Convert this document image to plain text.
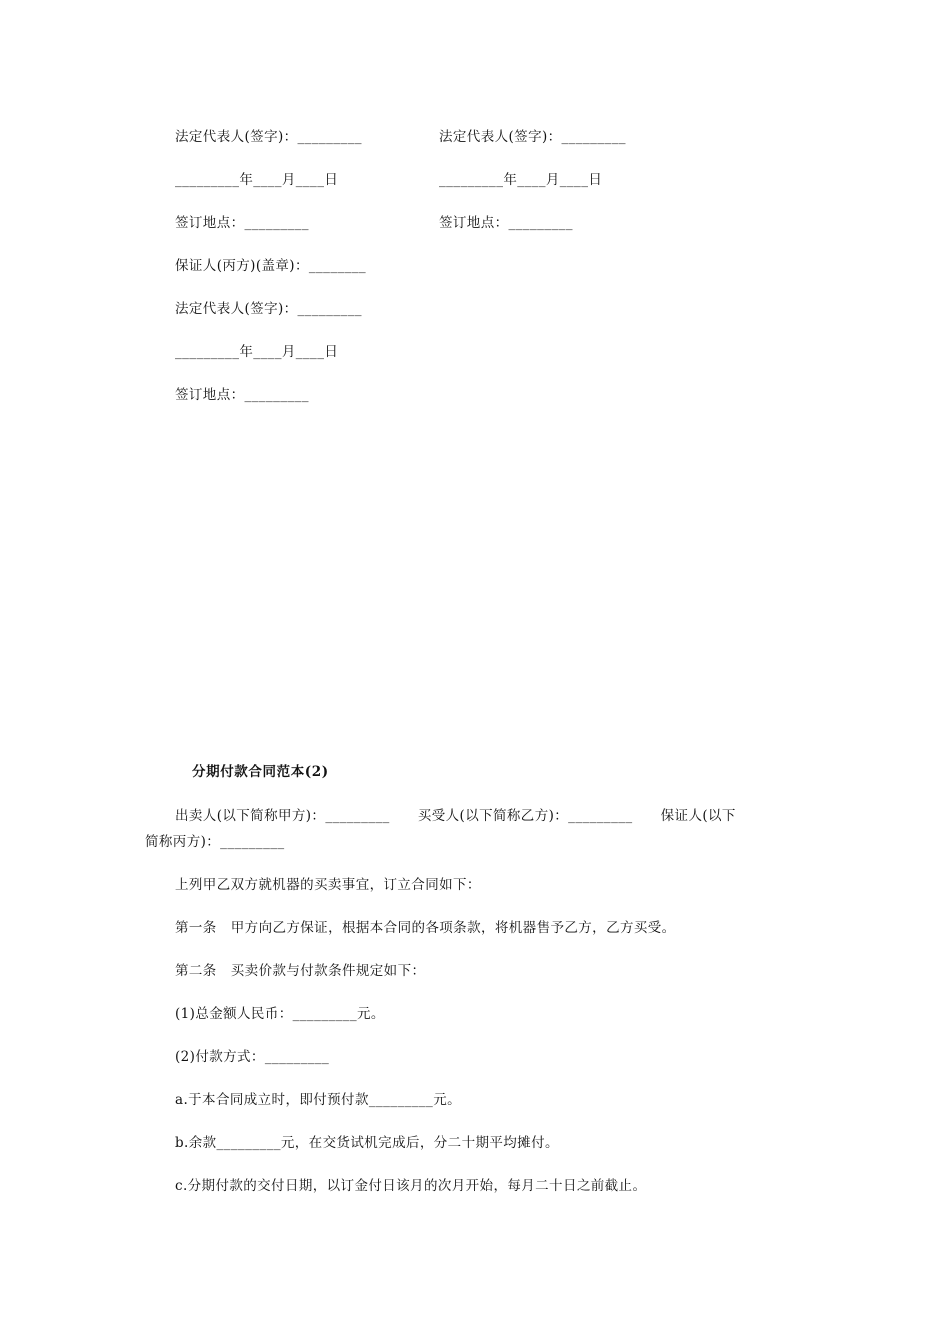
法定代表人(签字)：_________	法定代表人(签字)：_________
_________年____月____日	_________年____月____日
签订地点：_________	签订地点：_________
保证人(丙方)(盖章)：________
法定代表人(签字)：_________
_________年____月____日
签订地点：_________
分期付款合同范本(2)
出卖人(以下简称甲方)：_________      买受人(以下简称乙方)：_________      保证人(以下
简称丙方)：_________
上列甲乙双方就机器的买卖事宜，订立合同如下：
第一条   甲方向乙方保证，根据本合同的各项条款，将机器售予乙方，乙方买受。
第二条   买卖价款与付款条件规定如下：
(1)总金额人民币：_________元。
(2)付款方式：_________
a.于本合同成立时，即付预付款_________元。
b.余款_________元，在交货试机完成后，分二十期平均摊付。
c.分期付款的交付日期，以订金付日该月的次月开始，每月二十日之前截止。
